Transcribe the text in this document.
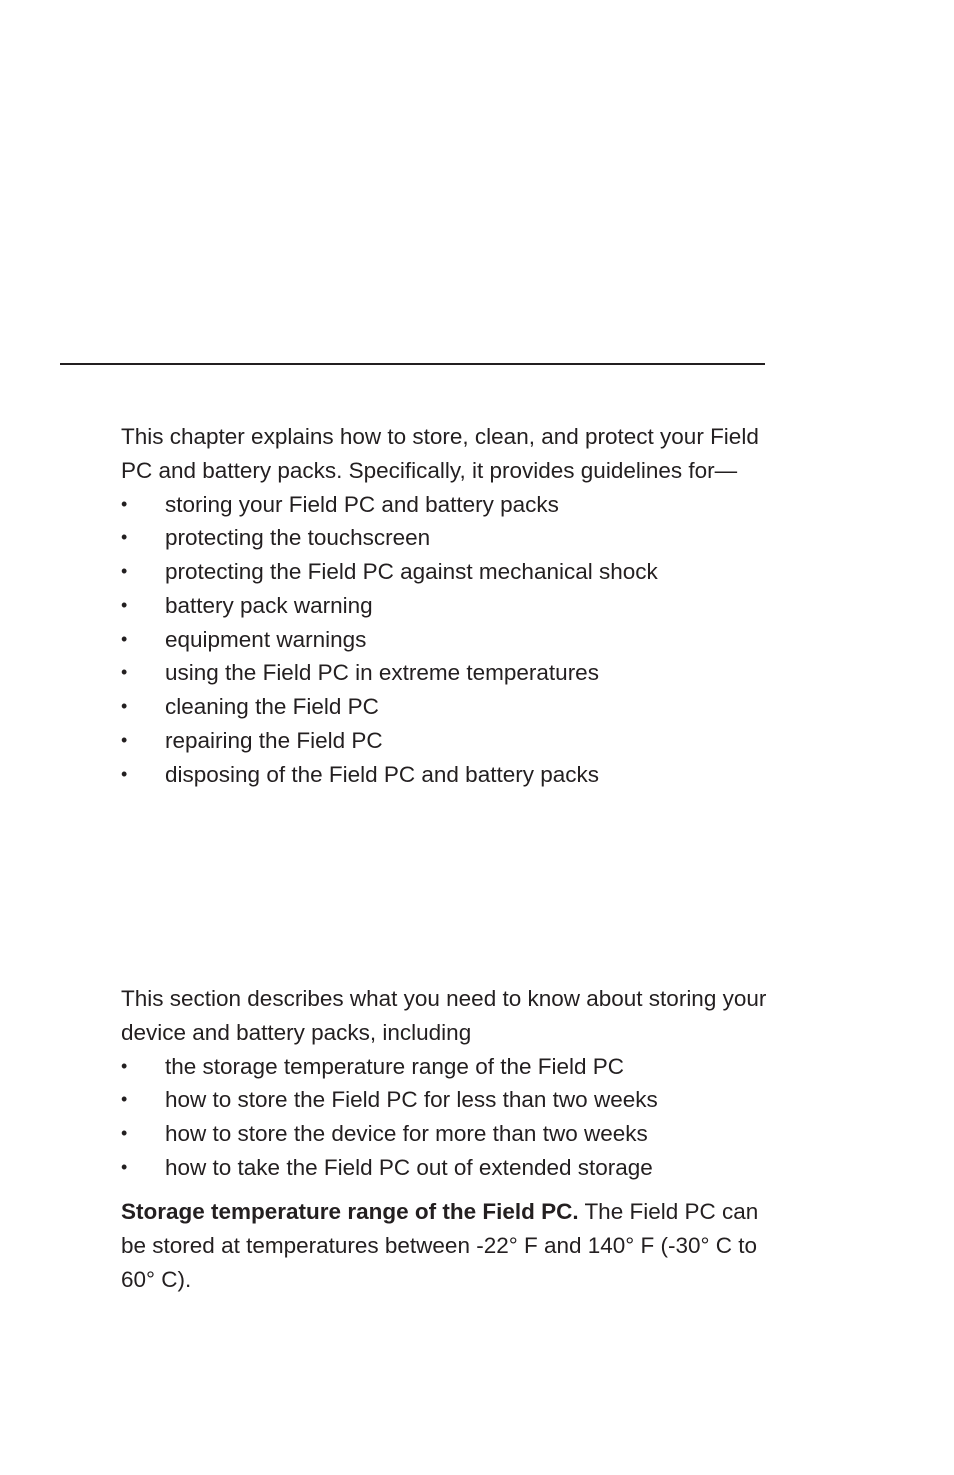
This chapter explains how to store, clean, and protect your Field PC and battery packs. Specifically, it provides guidelines for—

• storing your Field PC and battery packs
• protecting the touchscreen
• protecting the Field PC against mechanical shock
• battery pack warning
• equipment warnings
• using the Field PC in extreme temperatures
• cleaning the Field PC
• repairing the Field PC
• disposing of the Field PC and battery packs

This section describes what you need to know about storing your device and battery packs, including

• the storage temperature range of the Field PC
• how to store the Field PC for less than two weeks
• how to store the device for more than two weeks
• how to take the Field PC out of extended storage

Storage temperature range of the Field PC. The Field PC can be stored at temperatures between -22° F and 140° F (-30° C to 60° C).
